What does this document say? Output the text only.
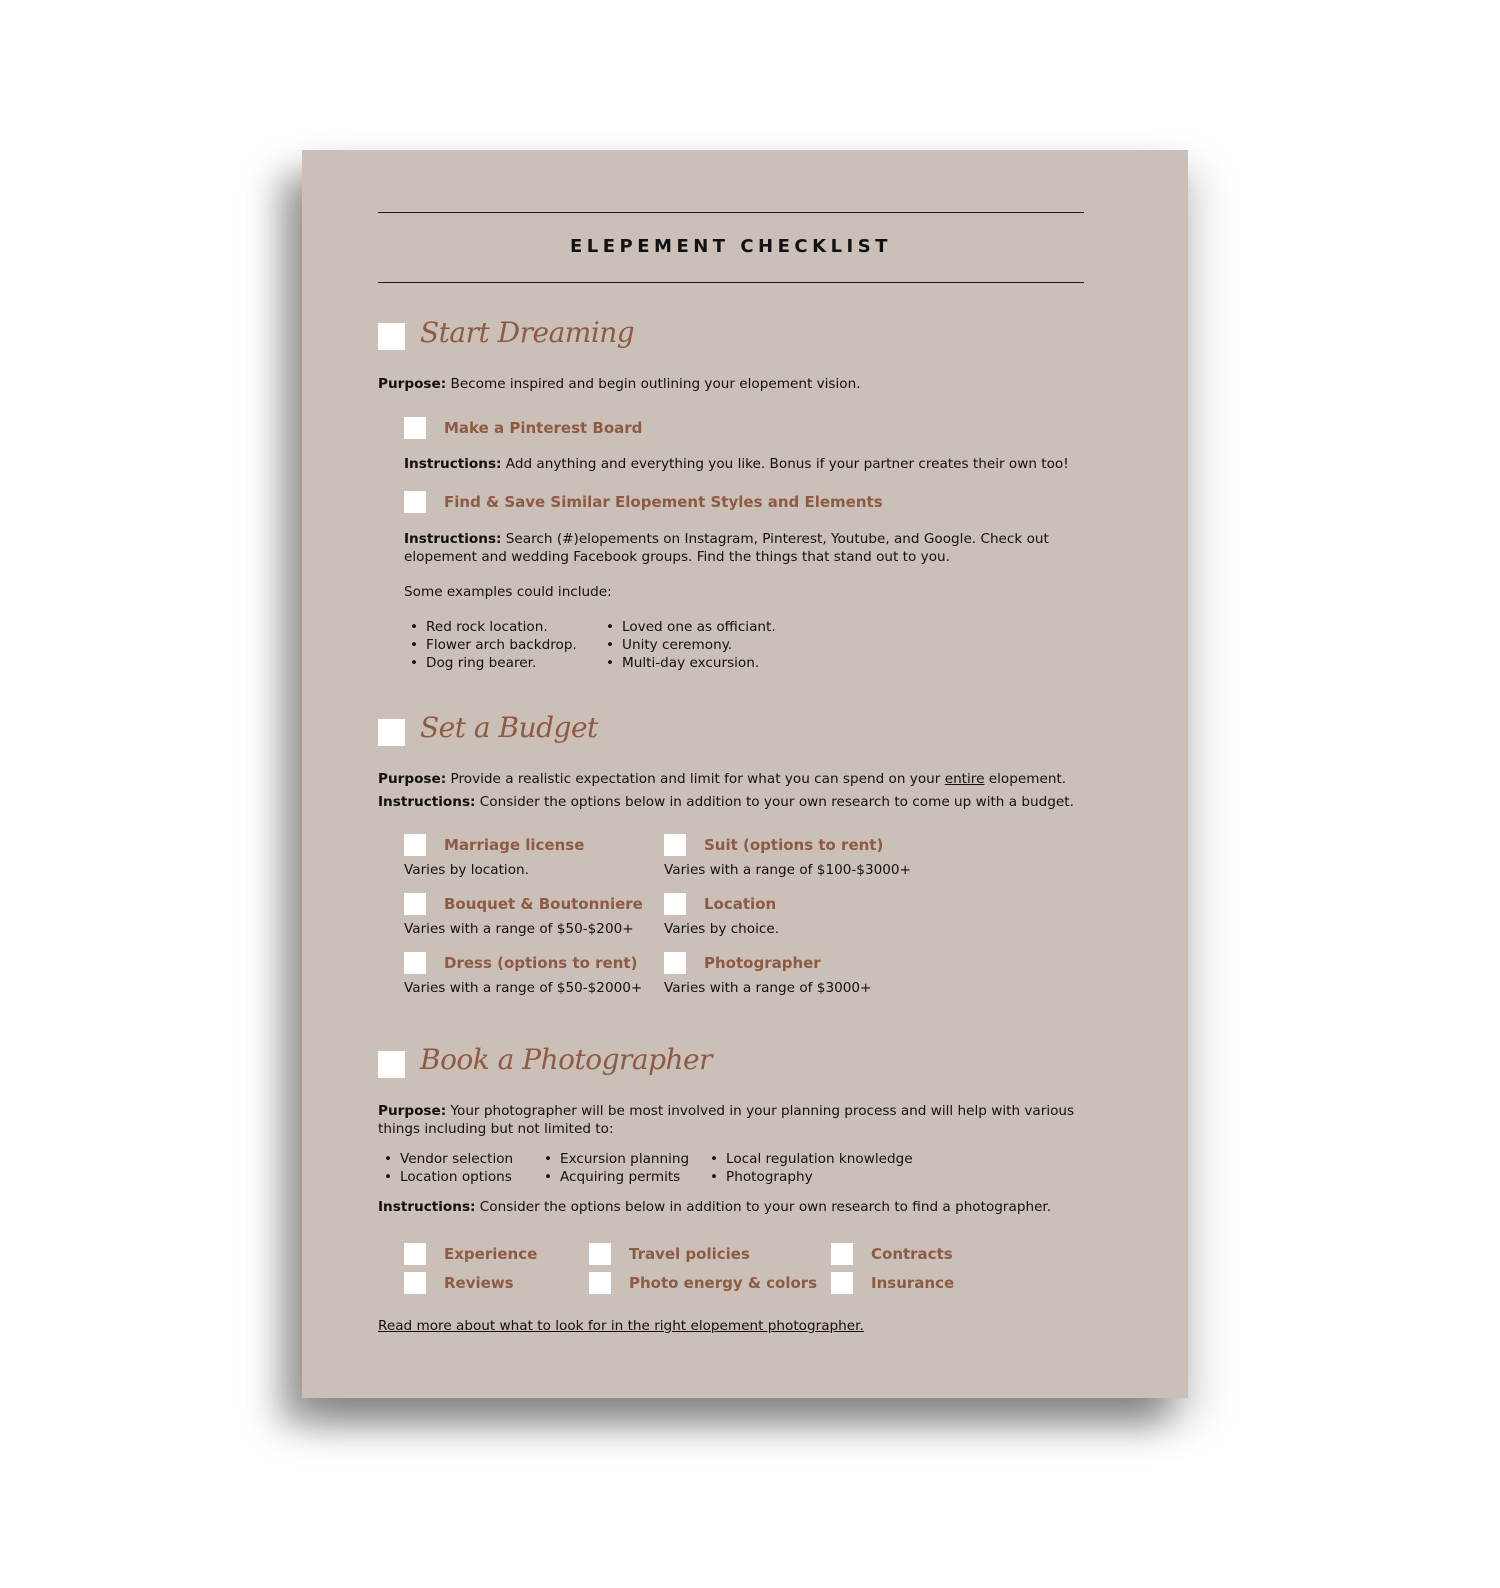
ELEPEMENT CHECKLIST
Start Dreaming
Purpose: Become inspired and begin outlining your elopement vision.
Make a Pinterest Board
Instructions: Add anything and everything you like. Bonus if your partner creates their own too!
Find & Save Similar Elopement Styles and Elements
Instructions: Search (#)elopements on Instagram, Pinterest, Youtube, and Google. Check out
elopement and wedding Facebook groups. Find the things that stand out to you.
Some examples could include:
• Red rock location.
• Flower arch backdrop.
• Dog ring bearer.
• Loved one as officiant.
• Unity ceremony.
• Multi-day excursion.
Set a Budget
Purpose: Provide a realistic expectation and limit for what you can spend on your entire elopement.
Instructions: Consider the options below in addition to your own research to come up with a budget.
Marriage license
Varies by location.
Suit (options to rent)
Varies with a range of $100-$3000+
Bouquet & Boutonniere
Varies with a range of $50-$200+
Location
Varies by choice.
Dress (options to rent)
Varies with a range of $50-$2000+
Photographer
Varies with a range of $3000+
Book a Photographer
Purpose: Your photographer will be most involved in your planning process and will help with various
things including but not limited to:
• Vendor selection
• Location options
• Excursion planning
• Acquiring permits
• Local regulation knowledge
• Photography
Instructions: Consider the options below in addition to your own research to find a photographer.
Experience	Travel policies	Contracts
Reviews	Photo energy & colors	Insurance
Read more about what to look for in the right elopement photographer.
